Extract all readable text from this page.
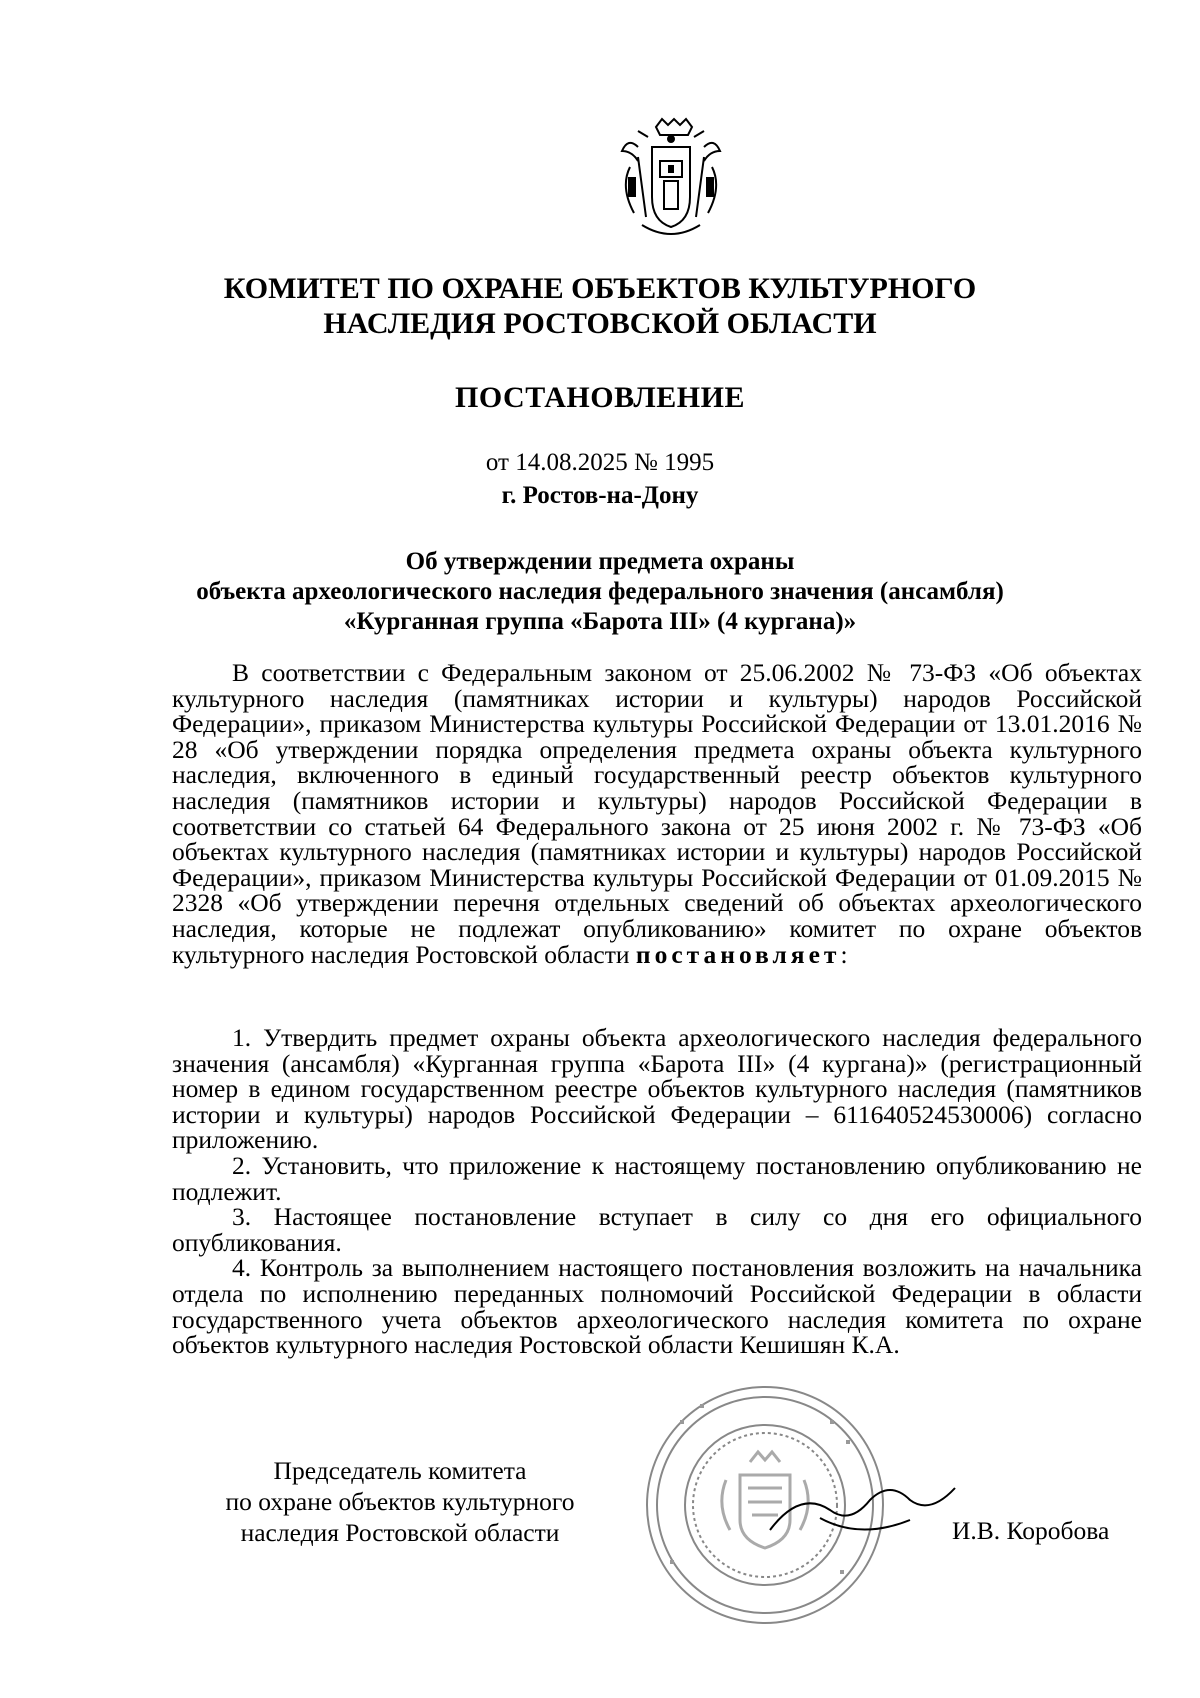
КОМИТЕТ ПО ОХРАНЕ ОБЪЕКТОВ КУЛЬТУРНОГО
НАСЛЕДИЯ РОСТОВСКОЙ ОБЛАСТИ
ПОСТАНОВЛЕНИЕ
от 14.08.2025 № 1995
г. Ростов-на-Дону
Об утверждении предмета охраны
объекта археологического наследия федерального значения (ансамбля)
«Курганная группа «Барота III» (4 кургана)»

В соответствии с Федеральным законом от 25.06.2002 № 73-ФЗ «Об объектах культурного наследия (памятниках истории и культуры) народов Российской Федерации», приказом Министерства культуры Российской Федерации от 13.01.2016 № 28 «Об утверждении порядка определения предмета охраны объекта культурного наследия, включенного в единый государственный реестр объектов культурного наследия (памятников истории и культуры) народов Российской Федерации в соответствии со статьей 64 Федерального закона от 25 июня 2002 г. № 73-ФЗ «Об объектах культурного наследия (памятниках истории и культуры) народов Российской Федерации», приказом Министерства культуры Российской Федерации от 01.09.2015 № 2328 «Об утверждении перечня отдельных сведений об объектах археологического наследия, которые не подлежат опубликованию» комитет по охране объектов культурного наследия Ростовской области постановляет:

1. Утвердить предмет охраны объекта археологического наследия федерального значения (ансамбля) «Курганная группа «Барота III» (4 кургана)» (регистрационный номер в едином государственном реестре объектов культурного наследия (памятников истории и культуры) народов Российской Федерации – 611640524530006) согласно приложению.

2. Установить, что приложение к настоящему постановлению опубликованию не подлежит.

3. Настоящее постановление вступает в силу со дня его официального опубликования.

4. Контроль за выполнением настоящего постановления возложить на начальника отдела по исполнению переданных полномочий Российской Федерации в области государственного учета объектов археологического наследия комитета по охране объектов культурного наследия Ростовской области Кешишян К.А.

Председатель комитета
по охране объектов культурного
наследия Ростовской области	И.В. Коробова
